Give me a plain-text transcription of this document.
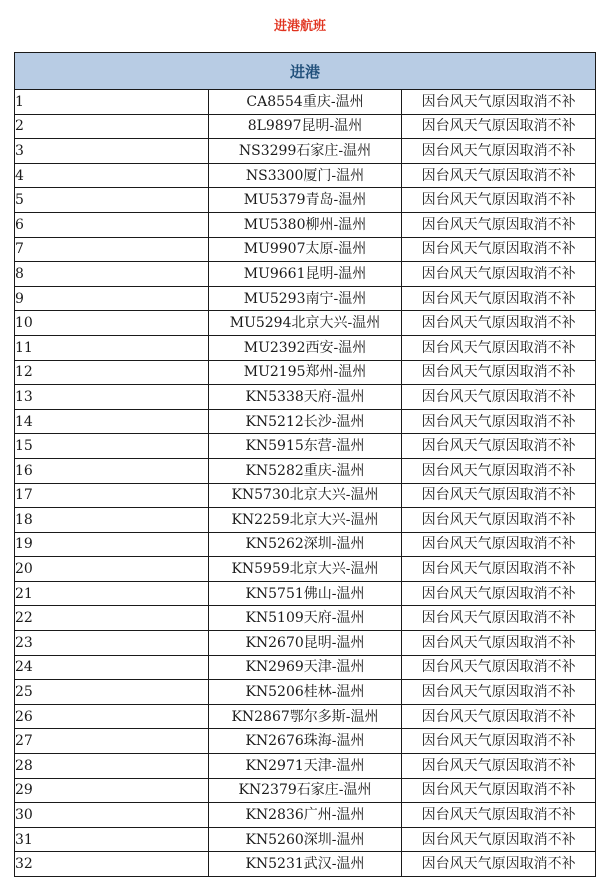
进港航班
进港		
1	CA8554重庆-温州	因台风天气原因取消不补
2	8L9897昆明-温州	因台风天气原因取消不补
3	NS3299石家庄-温州	因台风天气原因取消不补
4	NS3300厦门-温州	因台风天气原因取消不补
5	MU5379青岛-温州	因台风天气原因取消不补
6	MU5380柳州-温州	因台风天气原因取消不补
7	MU9907太原-温州	因台风天气原因取消不补
8	MU9661昆明-温州	因台风天气原因取消不补
9	MU5293南宁-温州	因台风天气原因取消不补
10	MU5294北京大兴-温州	因台风天气原因取消不补
11	MU2392西安-温州	因台风天气原因取消不补
12	MU2195郑州-温州	因台风天气原因取消不补
13	KN5338天府-温州	因台风天气原因取消不补
14	KN5212长沙-温州	因台风天气原因取消不补
15	KN5915东营-温州	因台风天气原因取消不补
16	KN5282重庆-温州	因台风天气原因取消不补
17	KN5730北京大兴-温州	因台风天气原因取消不补
18	KN2259北京大兴-温州	因台风天气原因取消不补
19	KN5262深圳-温州	因台风天气原因取消不补
20	KN5959北京大兴-温州	因台风天气原因取消不补
21	KN5751佛山-温州	因台风天气原因取消不补
22	KN5109天府-温州	因台风天气原因取消不补
23	KN2670昆明-温州	因台风天气原因取消不补
24	KN2969天津-温州	因台风天气原因取消不补
25	KN5206桂林-温州	因台风天气原因取消不补
26	KN2867鄂尔多斯-温州	因台风天气原因取消不补
27	KN2676珠海-温州	因台风天气原因取消不补
28	KN2971天津-温州	因台风天气原因取消不补
29	KN2379石家庄-温州	因台风天气原因取消不补
30	KN2836广州-温州	因台风天气原因取消不补
31	KN5260深圳-温州	因台风天气原因取消不补
32	KN5231武汉-温州	因台风天气原因取消不补
